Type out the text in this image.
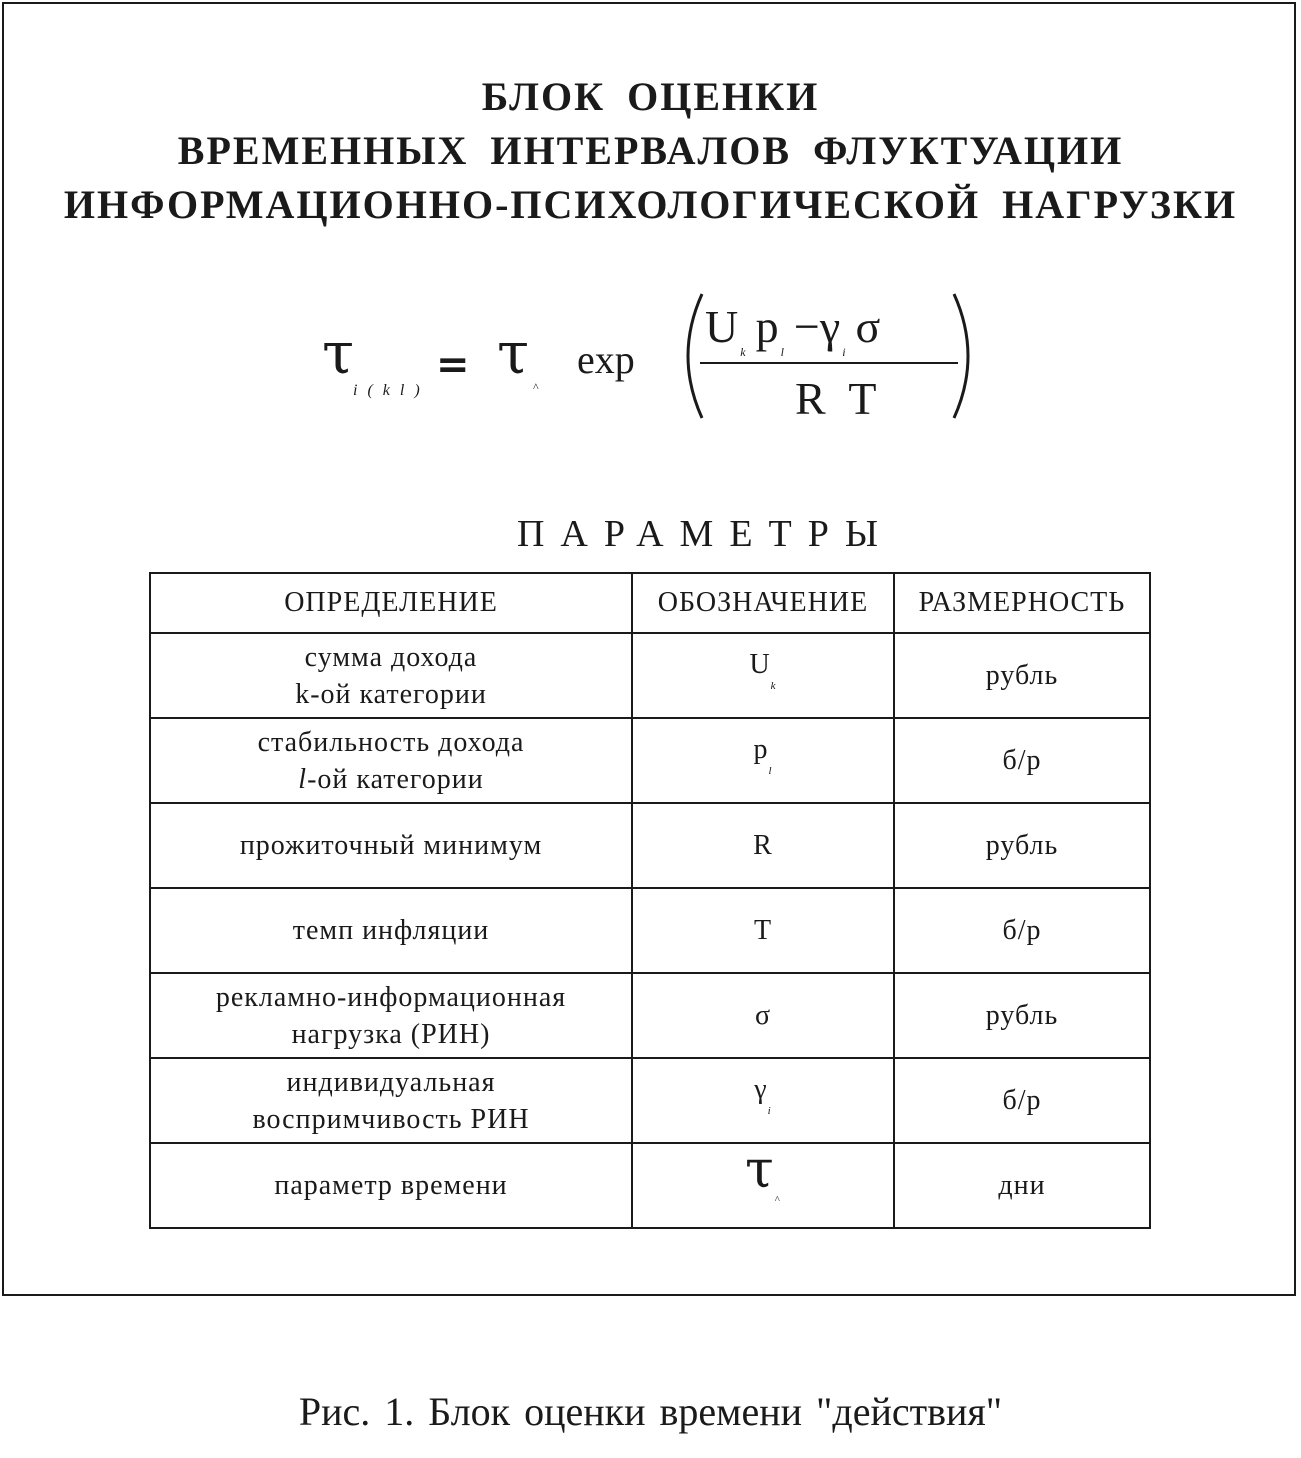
БЛОК ОЦЕНКИ
ВРЕМЕННЫХ ИНТЕРВАЛОВ ФЛУКТУАЦИИ
ИНФОРМАЦИОННО-ПСИХОЛОГИЧЕСКОЙ НАГРУЗКИ
τ
i ( k l )
= τ ^
exp
U $_k$ p $_l$ −γ $_i$ σ
R T
ПАРАМЕТРЫ
ОПРЕДЕЛЕНИЕ	ОБОЗНАЧЕНИЕ	РАЗМЕРНОСТЬ

сумма дохода
k-ой категории	$U_k$	рубль

стабильность дохода
l-ой категории	$p_l$	б/р

прожиточный минимум	R	рубль

темп инфляции	T	б/р

рекламно-информационная
нагрузка (РИН)	σ	рубль

индивидуальная
воспримчивость РИН	$\gamma_i$	б/р

параметр времени	$\tau_{\^{}}$	дни
Рис. 1. Блок оценки времени "действия"
